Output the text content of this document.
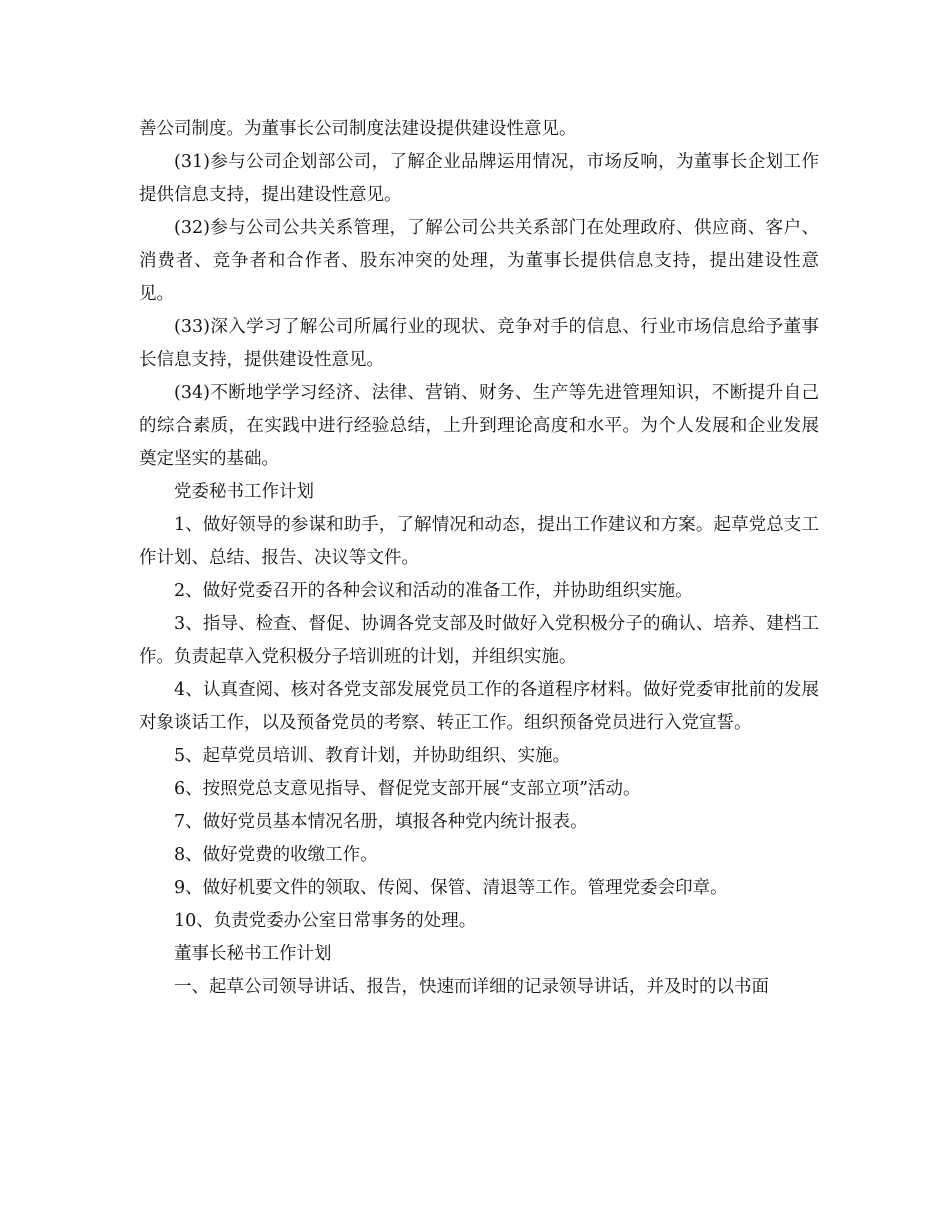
善公司制度。为董事长公司制度法建设提供建设性意见。

(31)参与公司企划部公司，了解企业品牌运用情况，市场反响，为董事长企划工作提供信息支持，提出建设性意见。

(32)参与公司公共关系管理，了解公司公共关系部门在处理政府、供应商、客户、消费者、竞争者和合作者、股东冲突的处理，为董事长提供信息支持，提出建设性意见。

(33)深入学习了解公司所属行业的现状、竞争对手的信息、行业市场信息给予董事长信息支持，提供建设性意见。

(34)不断地学学习经济、法律、营销、财务、生产等先进管理知识，不断提升自己的综合素质，在实践中进行经验总结，上升到理论高度和水平。为个人发展和企业发展奠定坚实的基础。

党委秘书工作计划

1、做好领导的参谋和助手，了解情况和动态，提出工作建议和方案。起草党总支工作计划、总结、报告、决议等文件。

2、做好党委召开的各种会议和活动的准备工作，并协助组织实施。

3、指导、检查、督促、协调各党支部及时做好入党积极分子的确认、培养、建档工作。负责起草入党积极分子培训班的计划，并组织实施。

4、认真查阅、核对各党支部发展党员工作的各道程序材料。做好党委审批前的发展对象谈话工作，以及预备党员的考察、转正工作。组织预备党员进行入党宣誓。

5、起草党员培训、教育计划，并协助组织、实施。

6、按照党总支意见指导、督促党支部开展“支部立项”活动。

7、做好党员基本情况名册，填报各种党内统计报表。

8、做好党费的收缴工作。

9、做好机要文件的领取、传阅、保管、清退等工作。管理党委会印章。

10、负责党委办公室日常事务的处理。

董事长秘书工作计划

一、起草公司领导讲话、报告，快速而详细的记录领导讲话，并及时的以书面
